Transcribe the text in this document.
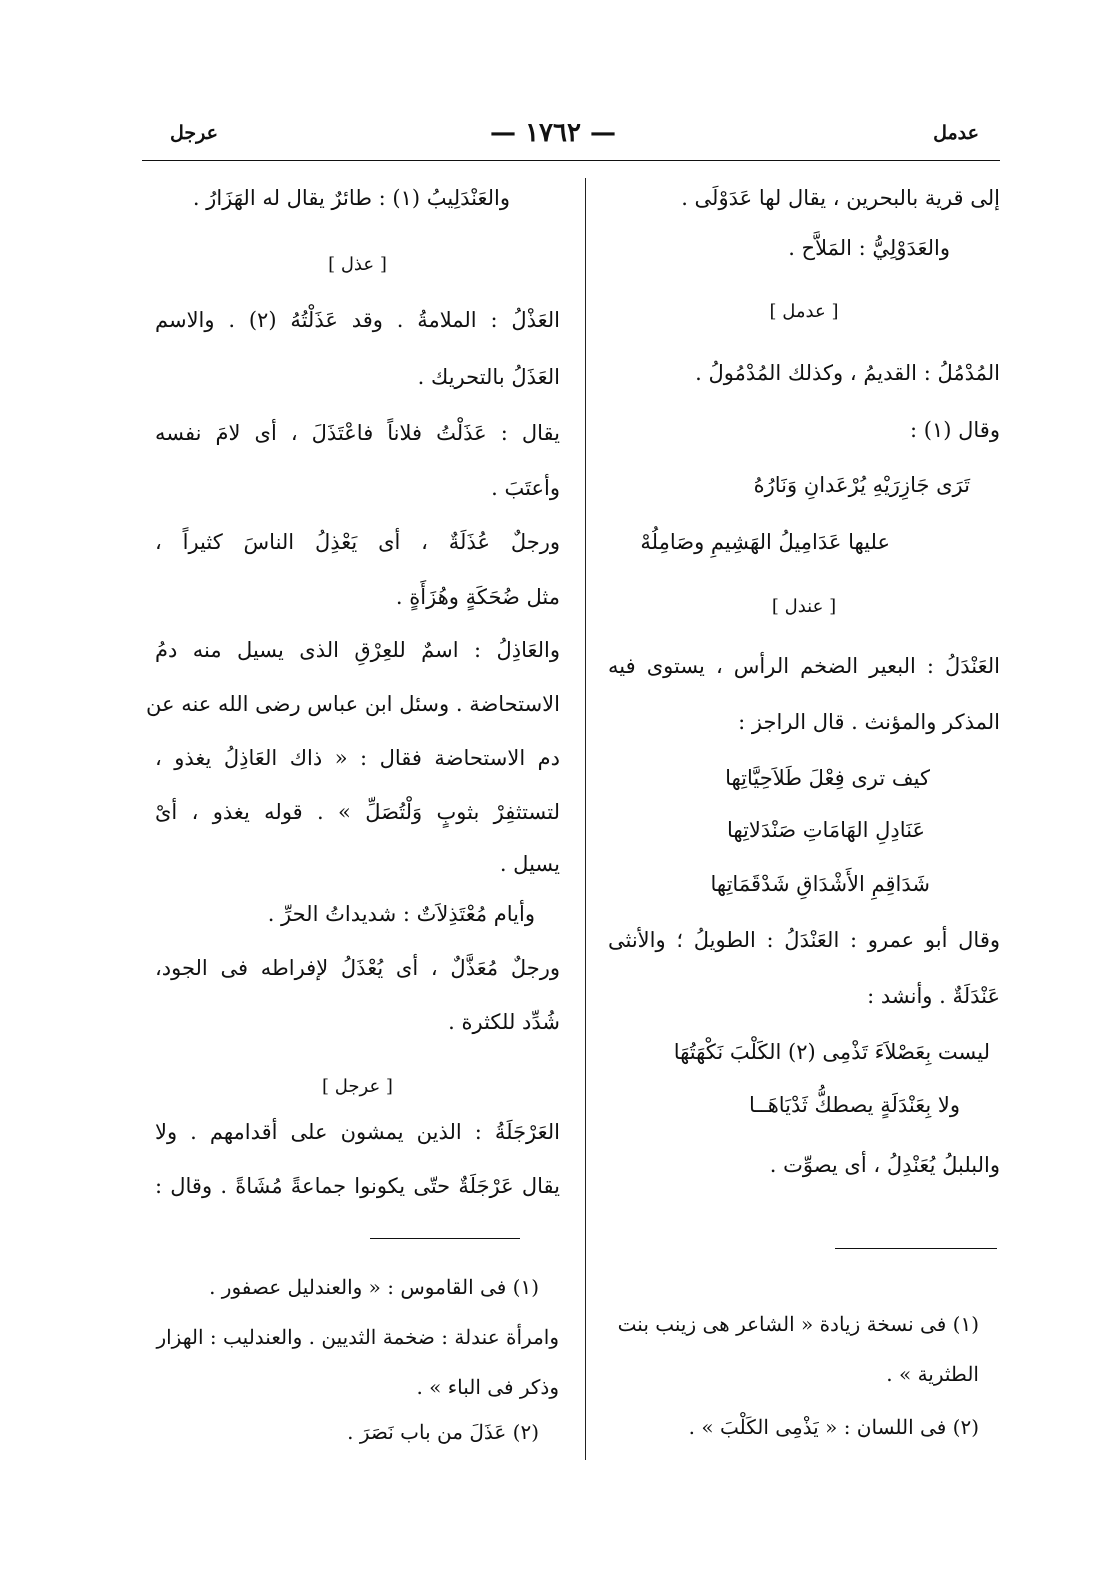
عدمل
— ١٧٦٢ —
عرجل
إلى قرية بالبحرين ، يقال لها عَدَوْلَى .
والعَدَوْلِيُّ : المَلاَّح .
[ عدمل ]
المُدْمُلُ : القديمُ ، وكذلك المُدْمُولُ .
وقال (١) :
تَرَى جَازِرَيْهِ يُرْعَدانِ وَنَارُهُ
عليها عَدَامِيلُ الهَشِيمِ وصَامِلُهْ
[ عندل ]
العَنْدَلُ : البعير الضخم الرأس ، يستوى فيه
المذكر والمؤنث . قال الراجز :
كيف ترى فِعْلَ طَلاَحِيَّاتِها
عَنَادِلِ الهَامَاتِ صَنْدَلاتِها
شَدَاقِمِ الأَشْدَاقِ شَدْقَمَاتِها
وقال أبو عمرو : العَنْدَلُ : الطويلُ ؛ والأنثى
عَنْدَلَةٌ . وأنشد :
ليست بِعَصْلاَءَ تَذْمِى (٢) الكَلْبَ نَكْهَتُهَا
ولا بِعَنْدَلَةٍ يصطكُّ ثَدْيَاهَــا
والبلبلُ يُعَنْدِلُ ، أى يصوِّت .
والعَنْدَلِيبُ (١) : طائرٌ يقال له الهَزَارُ .
[ عذل ]
العَذْلُ : الملامةُ . وقد عَذَلْتُهُ (٢) . والاسم
العَذَلُ بالتحريك .
يقال : عَذَلْتُ فلاناً فاعْتَذَلَ ، أى لامَ نفسه
وأعتَبَ .
ورجلٌ عُذَلَةٌ ، أى يَعْذِلُ الناسَ كثيراً ،
مثل ضُحَكَةٍ وهُزَأَةٍ .
والعَاذِلُ : اسمٌ للعِرْقِ الذى يسيل منه دمُ
الاستحاضة . وسئل ابن عباس رضى الله عنه عن
دم الاستحاضة فقال : « ذاك العَاذِلُ يغذو ،
لتستثفِرْ بثوبٍ وَلْتُصَلِّ » . قوله يغذو ، أىْ
يسيل .
وأيام مُعْتَذِلاَتٌ : شديداتُ الحرِّ .
ورجلٌ مُعَذَّلٌ ، أى يُعْذَلُ لإفراطه فى الجود،
شُدِّد للكثرة .
[ عرجل ]
العَرْجَلَةُ : الذين يمشون على أقدامهم . ولا
يقال عَرْجَلَةٌ حتّى يكونوا جماعةً مُشَاةً . وقال :
(١) فى نسخة زيادة « الشاعر هى زينب بنت
الطثرية » .
(٢) فى اللسان : « يَذْمِى الكَلْبَ » .
(١) فى القاموس : « والعندليل عصفور .
وامرأة عندلة : ضخمة الثديين . والعندليب : الهزار
وذكر فى الباء » .
(٢) عَذَلَ من باب نَصَرَ .
